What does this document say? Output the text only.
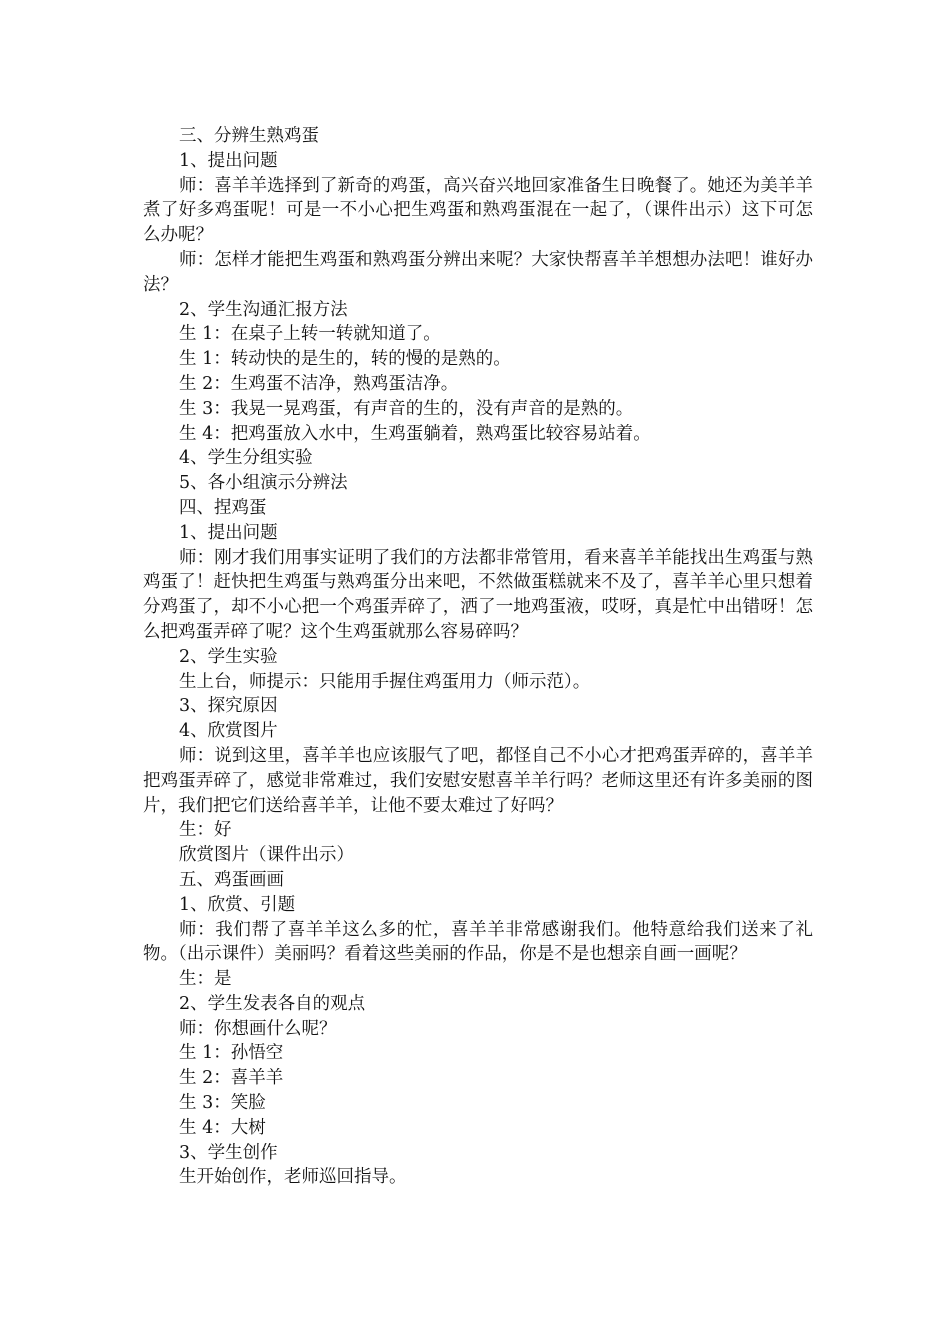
三、分辨生熟鸡蛋

1、提出问题

师：喜羊羊选择到了新奇的鸡蛋，高兴奋兴地回家准备生日晚餐了。她还为美羊羊煮了好多鸡蛋呢！可是一不小心把生鸡蛋和熟鸡蛋混在一起了，（课件出示）这下可怎么办呢？

师：怎样才能把生鸡蛋和熟鸡蛋分辨出来呢？大家快帮喜羊羊想想办法吧！谁好办法？

2、学生沟通汇报方法

生 1：在桌子上转一转就知道了。

生 1：转动快的是生的，转的慢的是熟的。

生 2：生鸡蛋不洁净，熟鸡蛋洁净。

生 3：我晃一晃鸡蛋，有声音的生的，没有声音的是熟的。

生 4：把鸡蛋放入水中，生鸡蛋躺着，熟鸡蛋比较容易站着。

4、学生分组实验

5、各小组演示分辨法

四、捏鸡蛋

1、提出问题

师：刚才我们用事实证明了我们的方法都非常管用，看来喜羊羊能找出生鸡蛋与熟鸡蛋了！赶快把生鸡蛋与熟鸡蛋分出来吧，不然做蛋糕就来不及了，喜羊羊心里只想着分鸡蛋了，却不小心把一个鸡蛋弄碎了，洒了一地鸡蛋液，哎呀，真是忙中出错呀！怎么把鸡蛋弄碎了呢？这个生鸡蛋就那么容易碎吗？

2、学生实验

生上台，师提示：只能用手握住鸡蛋用力（师示范）。

3、探究原因

4、欣赏图片

师：说到这里，喜羊羊也应该服气了吧，都怪自己不小心才把鸡蛋弄碎的，喜羊羊把鸡蛋弄碎了，感觉非常难过，我们安慰安慰喜羊羊行吗？老师这里还有许多美丽的图片，我们把它们送给喜羊羊，让他不要太难过了好吗？

生：好

欣赏图片（课件出示）

五、鸡蛋画画

1、欣赏、引题

师：我们帮了喜羊羊这么多的忙，喜羊羊非常感谢我们。他特意给我们送来了礼物。（出示课件）美丽吗？看着这些美丽的作品，你是不是也想亲自画一画呢？

生：是

2、学生发表各自的观点

师：你想画什么呢？

生 1：孙悟空

生 2：喜羊羊

生 3：笑脸

生 4：大树

3、学生创作

生开始创作，老师巡回指导。
